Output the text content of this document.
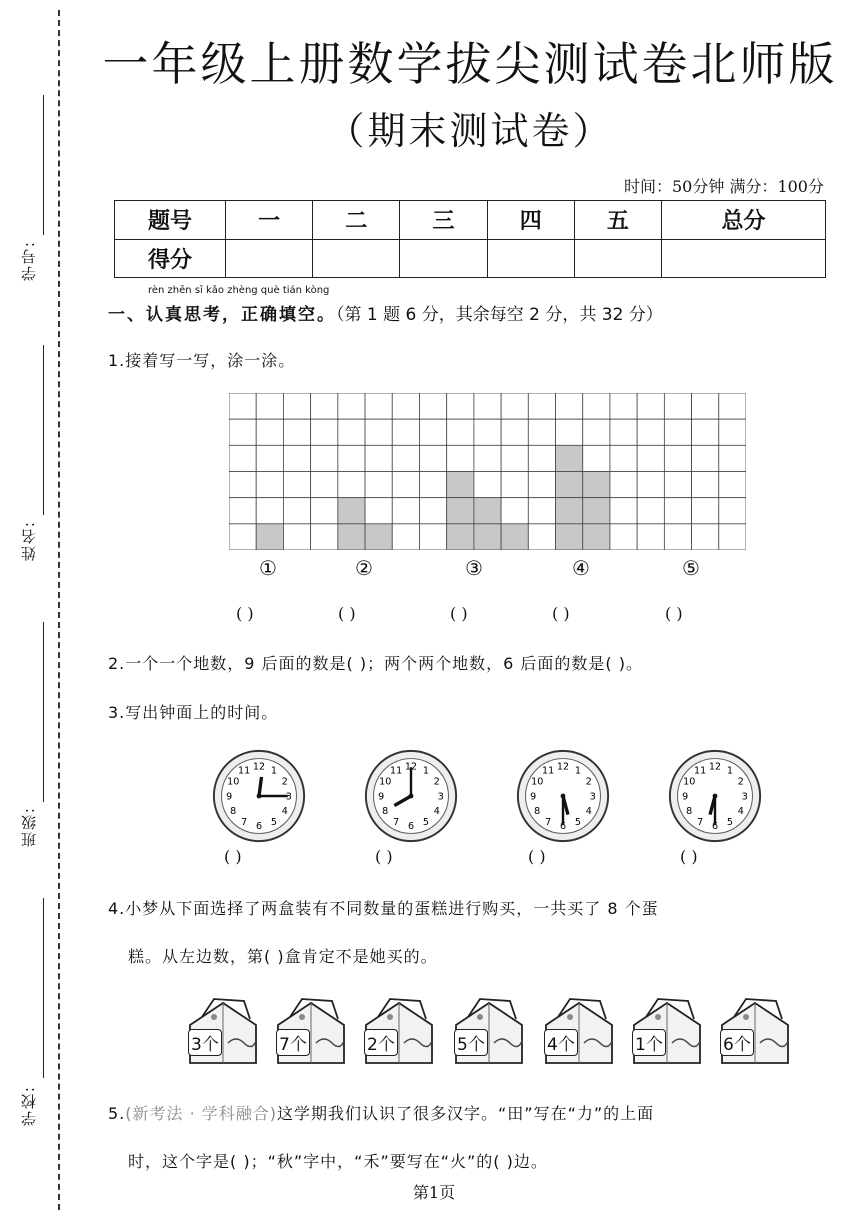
学号:
姓名:
班级:
学校:
一年级上册数学拔尖测试卷北师版
（期末测试卷）
时间：50分钟 满分：100分
题号	一	二	三	四	五	总分
得分						
rèn zhēn sī kǎo zhèng què tián kòng
一、认真思考，正确填空。（第 1 题 6 分，其余每空 2 分，共 32 分）
1.接着写一写，涂一涂。
①	②	③	④	⑤
( )	( )	( )	( )	( )
2.一个一个地数，9 后面的数是( )；两个两个地数，6 后面的数是( )。
3.写出钟面上的时间。
1
2
3
4
5
6
7
8
9
10
11 12	1
2
3
4
5
6
7
8
9
10
11 12	1
2
3
4
5
6
7
8
9
10
11 12	1
2
3
4
5
6
7
8
9
10
11 12
( )	( )	( )	( )
4.小梦从下面选择了两盒装有不同数量的蛋糕进行购买，一共买了 8 个蛋
糕。从左边数，第( )盒肯定不是她买的。
3个	7个	2个	5个	4个	1个	6个
5.(新考法 · 学科融合)这学期我们认识了很多汉字。“田”写在“力”的上面
时，这个字是( )；“秋”字中，“禾”要写在“火”的( )边。
第1页
